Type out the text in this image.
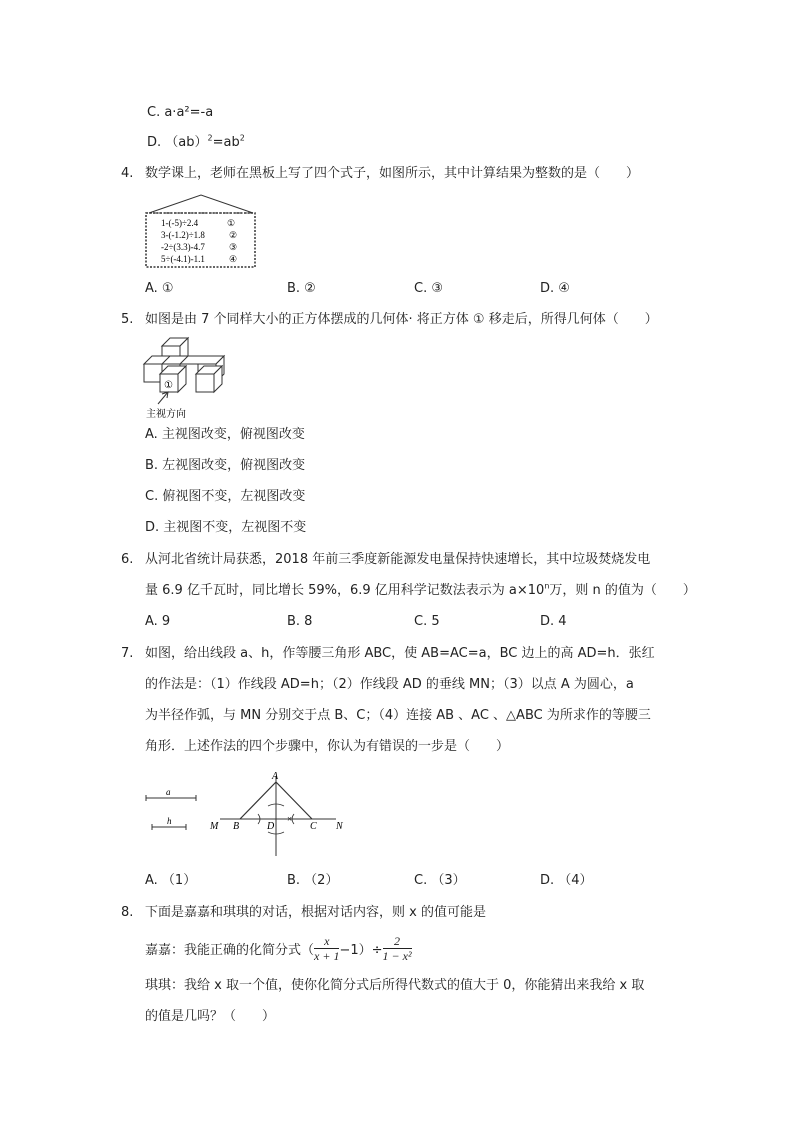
C. a·a²=-a
D. $(ab)^2=ab^2$
4. 数学课上，老师在黑板上写了四个式子，如图所示，其中计算结果为整数的是（　　）
1-(-5)÷2.4
3-(-1.2)÷1.8
-2÷(3.3)-4.7
5÷(-4.1)-1.1
①
②
③
④
A. ①	B. ②	C. ③	D. ④
5. 如图是由 7 个同样大小的正方体摆成的几何体· 将正方体 ① 移走后，所得几何体（　　）
①
主视方向
A. 主视图改变，俯视图改变
B. 左视图改变，俯视图改变
C. 俯视图不变，左视图改变
D. 主视图不变，左视图不变
6. 从河北省统计局获悉，2018 年前三季度新能源发电量保持快速增长，其中垃圾焚烧发电
量 6.9 亿千瓦时，同比增长 59%，6.9 亿用科学记数法表示为 $a\times 10^n$万，则 n 的值为（　　）
A. 9	B. 8	C. 5	D. 4
7. 如图，给出线段 a、h，作等腰三角形 ABC，使 AB=AC=a，BC 边上的高 AD=h．张红
的作法是：（1）作线段 AD=h；（2）作线段 AD 的垂线 MN；（3）以点 A 为圆心，a
为半径作弧，与 MN 分别交于点 B、C；（4）连接 AB 、AC 、△ABC 为所求作的等腰三
角形．上述作法的四个步骤中，你认为有错误的一步是（　　）
a
h	×
A
M B	D	C N
A. （1）	B. （2）	C. （3）	D. （4）
8. 下面是嘉嘉和琪琪的对话，根据对话内容，则 x 的值可能是
嘉嘉：我能正确的化简分式（ $\frac{x}{x + 1} -1)\div \frac{2}{\text{1 − x²}}$
琪琪：我给 x 取一个值，使你化简分式后所得代数式的值大于 0，你能猜出来我给 x 取
的值是几吗？（　　）
